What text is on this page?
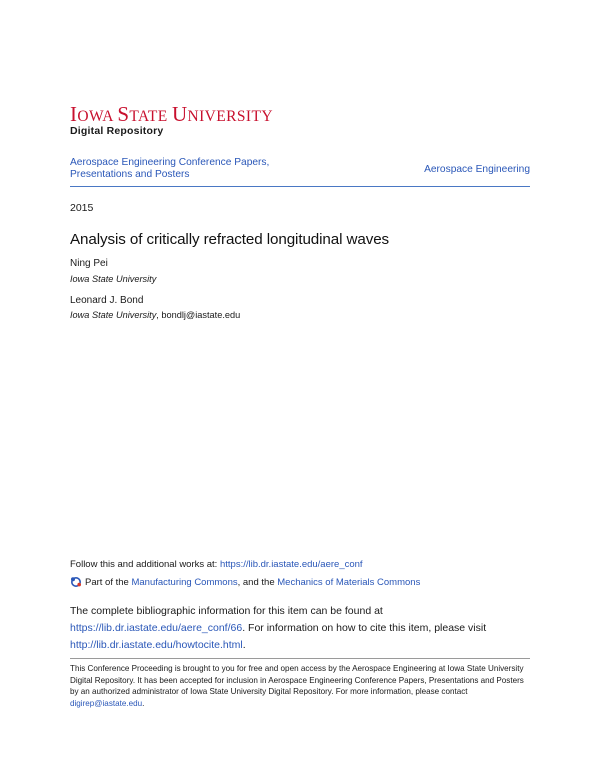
IOWA STATE UNIVERSITY
Digital Repository
Aerospace Engineering Conference Papers, Presentations and Posters	Aerospace Engineering
2015
Analysis of critically refracted longitudinal waves
Ning Pei
Iowa State University
Leonard J. Bond
Iowa State University, bondlj@iastate.edu
Follow this and additional works at: https://lib.dr.iastate.edu/aere_conf
Part of the
Manufacturing Commons , and the
Mechanics of Materials Commons
The complete bibliographic information for this item can be found at https://lib.dr.iastate.edu/aere_conf/66. For information on how to cite this item, please visit http://lib.dr.iastate.edu/howtocite.html.
This Conference Proceeding is brought to you for free and open access by the Aerospace Engineering at Iowa State University Digital Repository. It has been accepted for inclusion in Aerospace Engineering Conference Papers, Presentations and Posters by an authorized administrator of Iowa State University Digital Repository. For more information, please contact digirep@iastate.edu.
